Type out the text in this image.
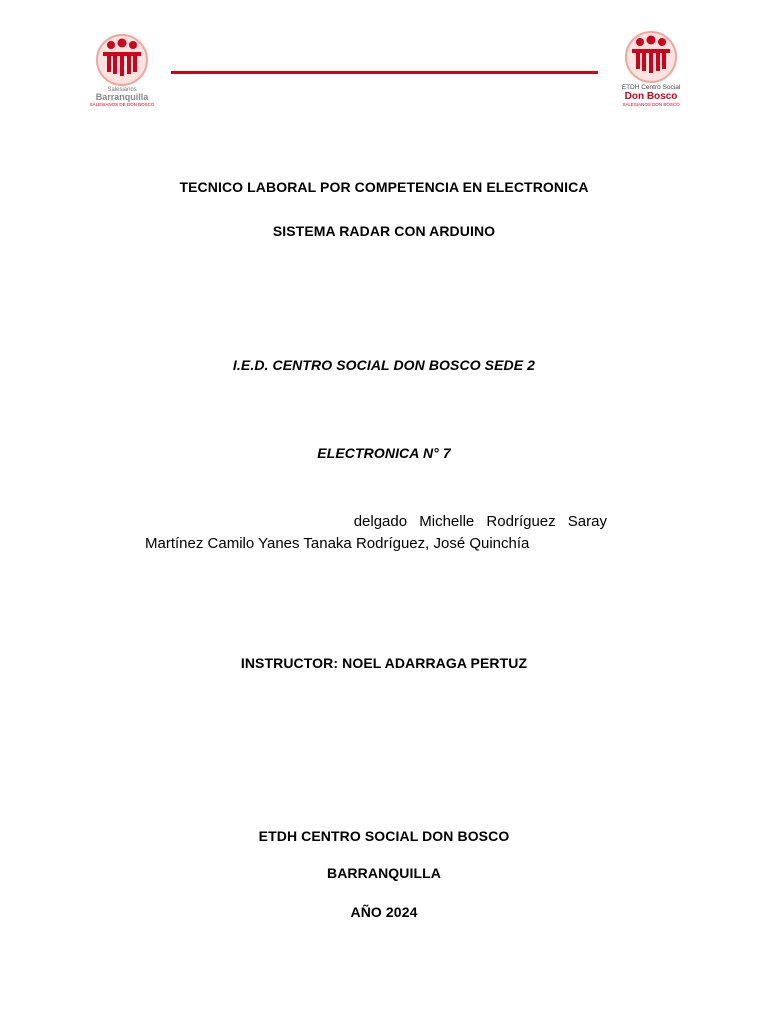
Salesianos
Barranquilla
SALESIANOS DE DON BOSCO
ETDH Centro Social
Don Bosco
SALESIANOS DON BOSCO
TECNICO LABORAL POR COMPETENCIA EN ELECTRONICA
SISTEMA RADAR CON ARDUINO
I.E.D. CENTRO SOCIAL DON BOSCO SEDE 2
ELECTRONICA N° 7
delgado Michelle Rodríguez Saray
Martínez Camilo Yanes Tanaka Rodríguez, José Quinchía
INSTRUCTOR: NOEL ADARRAGA PERTUZ
ETDH CENTRO SOCIAL DON BOSCO
BARRANQUILLA
AÑO 2024
